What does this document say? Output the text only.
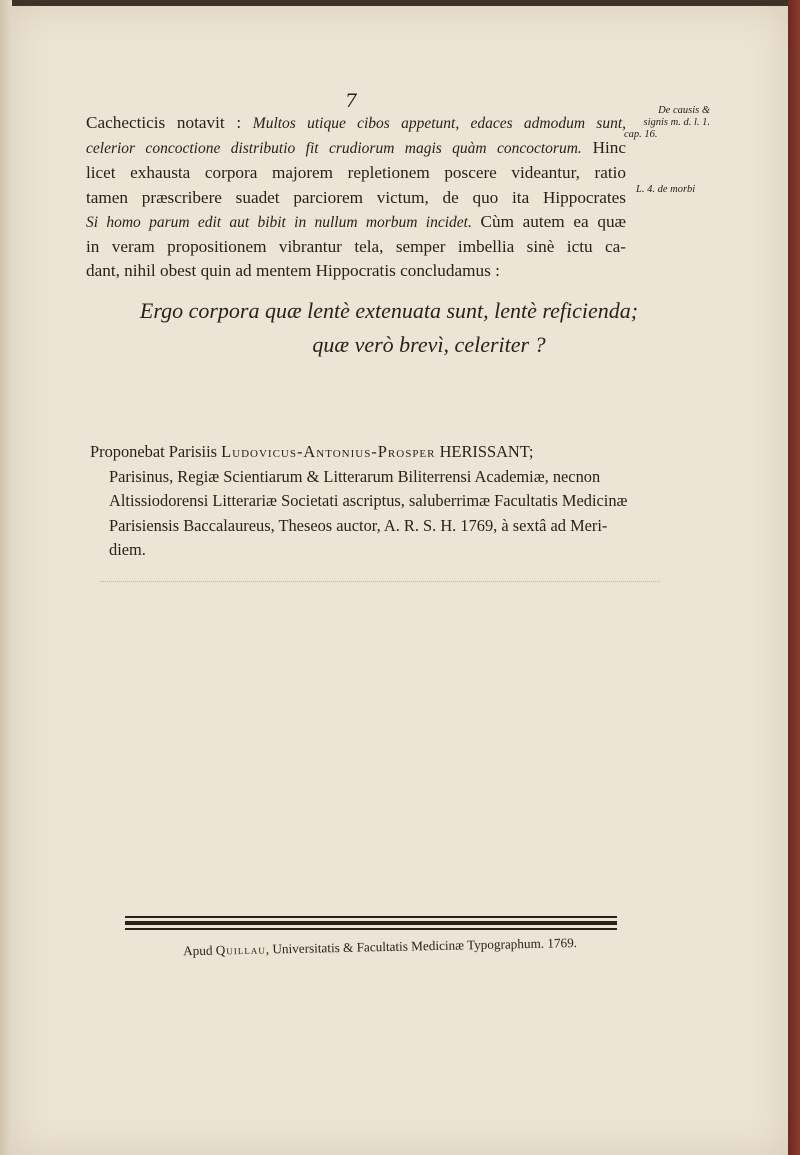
7
Cachecticis notavit : Multos utique cibos appetunt, edaces admodum sunt,
celerior concoctione distributio fit crudiorum magis quàm concoctorum. Hinc
licet exhausta corpora majorem repletionem poscere videantur, ratio
tamen præscribere suadet parciorem victum, de quo ita Hippocrates
Si homo parum edit aut bibit in nullum morbum incidet. Cùm autem ea quæ
in veram propositionem vibrantur tela, semper imbellia sinè ictu ca-
dant, nihil obest quin ad mentem Hippocratis concludamus :
De causis &
signis m. d. l. 1.
cap. 16.
L. 4. de morbi
Ergo corpora quæ lentè extenuata sunt, lentè reficienda;
quæ verò brevì, celeriter ?
Proponebat Parisiis Ludovicus-Antonius-Prosper HERISSANT;
Parisinus, Regiæ Scientiarum & Litterarum Biliterrensi Academiæ, necnon
Altissiodorensi Litterariæ Societati ascriptus, saluberrimæ Facultatis Medicinæ
Parisiensis Baccalaureus, Theseos auctor, A. R. S. H. 1769, à sextâ ad Meri-
diem.
Apud Quillau, Universitatis & Facultatis Medicinæ Typographum. 1769.
